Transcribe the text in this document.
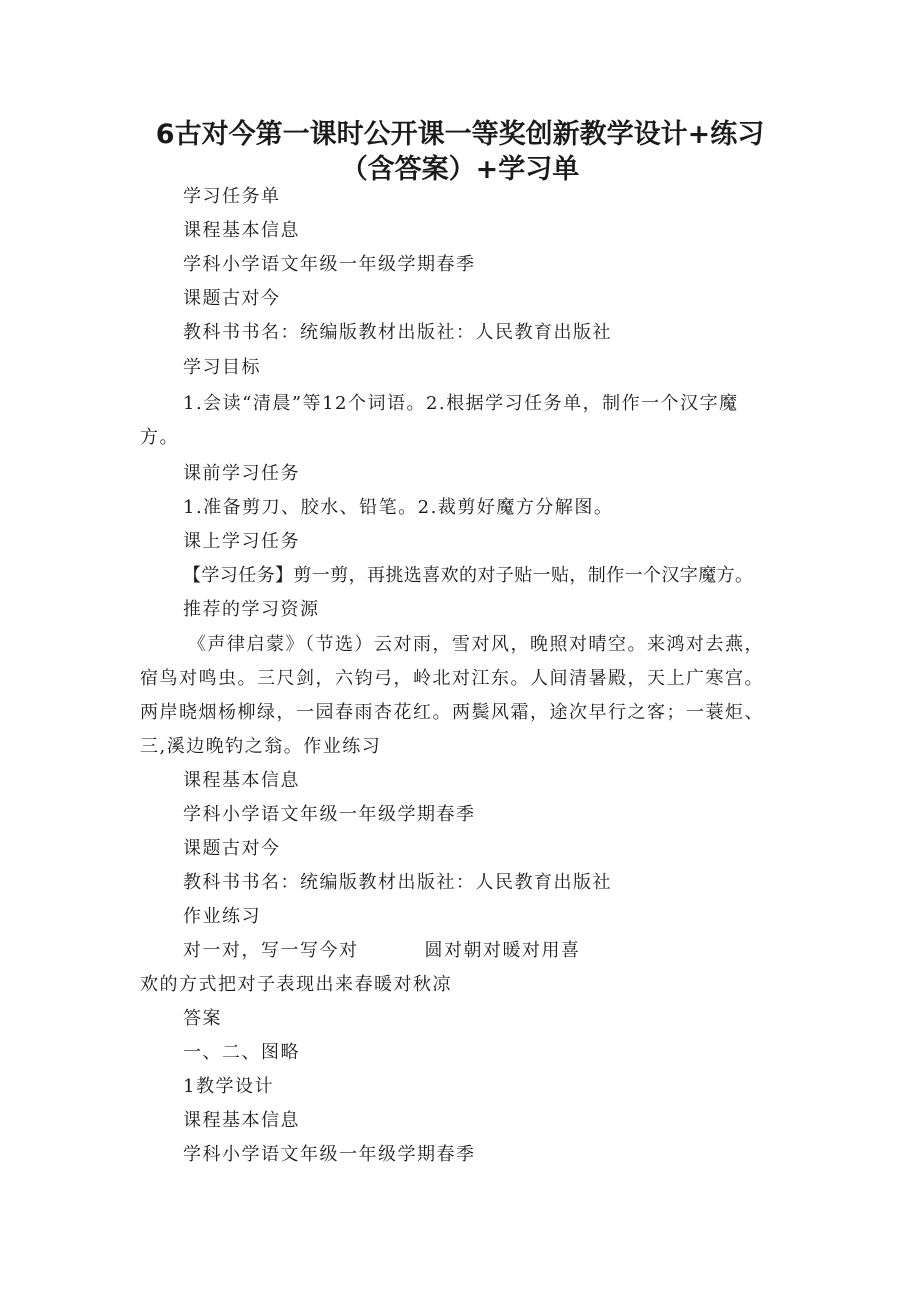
6古对今第一课时公开课一等奖创新教学设计+练习
（含答案）+学习单

学习任务单

课程基本信息

学科小学语文年级一年级学期春季

课题古对今

教科书书名：统编版教材出版社：人民教育出版社

学习目标

1.会读“清晨”等12个词语。2.根据学习任务单，制作一个汉字魔

方。

课前学习任务

1.准备剪刀、胶水、铅笔。2.裁剪好魔方分解图。

课上学习任务

【学习任务】剪一剪，再挑选喜欢的对子贴一贴，制作一个汉字魔方。

推荐的学习资源

《声律启蒙》（节选）云对雨，雪对风，晚照对晴空。来鸿对去燕，

宿鸟对鸣虫。三尺剑，六钧弓，岭北对江东。人间清暑殿，天上广寒宫。

两岸晓烟杨柳绿，一园春雨杏花红。两鬓风霜，途次早行之客；一蓑炬、

三,溪边晚钓之翁。作业练习

课程基本信息

学科小学语文年级一年级学期春季

课题古对今

教科书书名：统编版教材出版社：人民教育出版社

作业练习

对一对，写一写今对	圆对朝对暖对用喜

欢的方式把对子表现出来春暖对秋凉

答案

一、二、图略

1教学设计

课程基本信息

学科小学语文年级一年级学期春季
